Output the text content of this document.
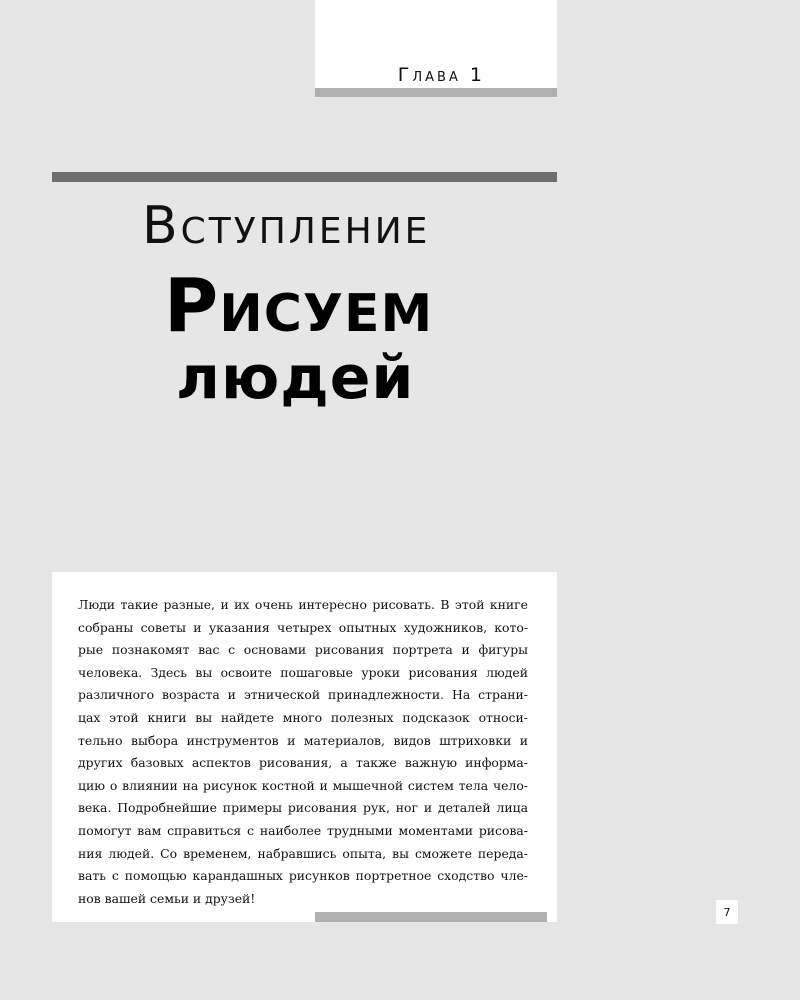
Глава 1
Вступление
Рисуем
людей

Люди такие разные, и их очень интересно рисовать. В этой книге
собраны советы и указания четырех опытных художников, кото-
рые познакомят вас с основами рисования портрета и фигуры
человека. Здесь вы освоите пошаговые уроки рисования людей
различного возраста и этнической принадлежности. На страни-
цах этой книги вы найдете много полезных подсказок относи-
тельно выбора инструментов и материалов, видов штриховки и
других базовых аспектов рисования, а также важную информа-
цию о влиянии на рисунок костной и мышечной систем тела чело-
века. Подробнейшие примеры рисования рук, ног и деталей лица
помогут вам справиться с наиболее трудными моментами рисова-
ния людей. Со временем, набравшись опыта, вы сможете переда-
вать с помощью карандашных рисунков портретное сходство чле-
нов вашей семьи и друзей!

7
